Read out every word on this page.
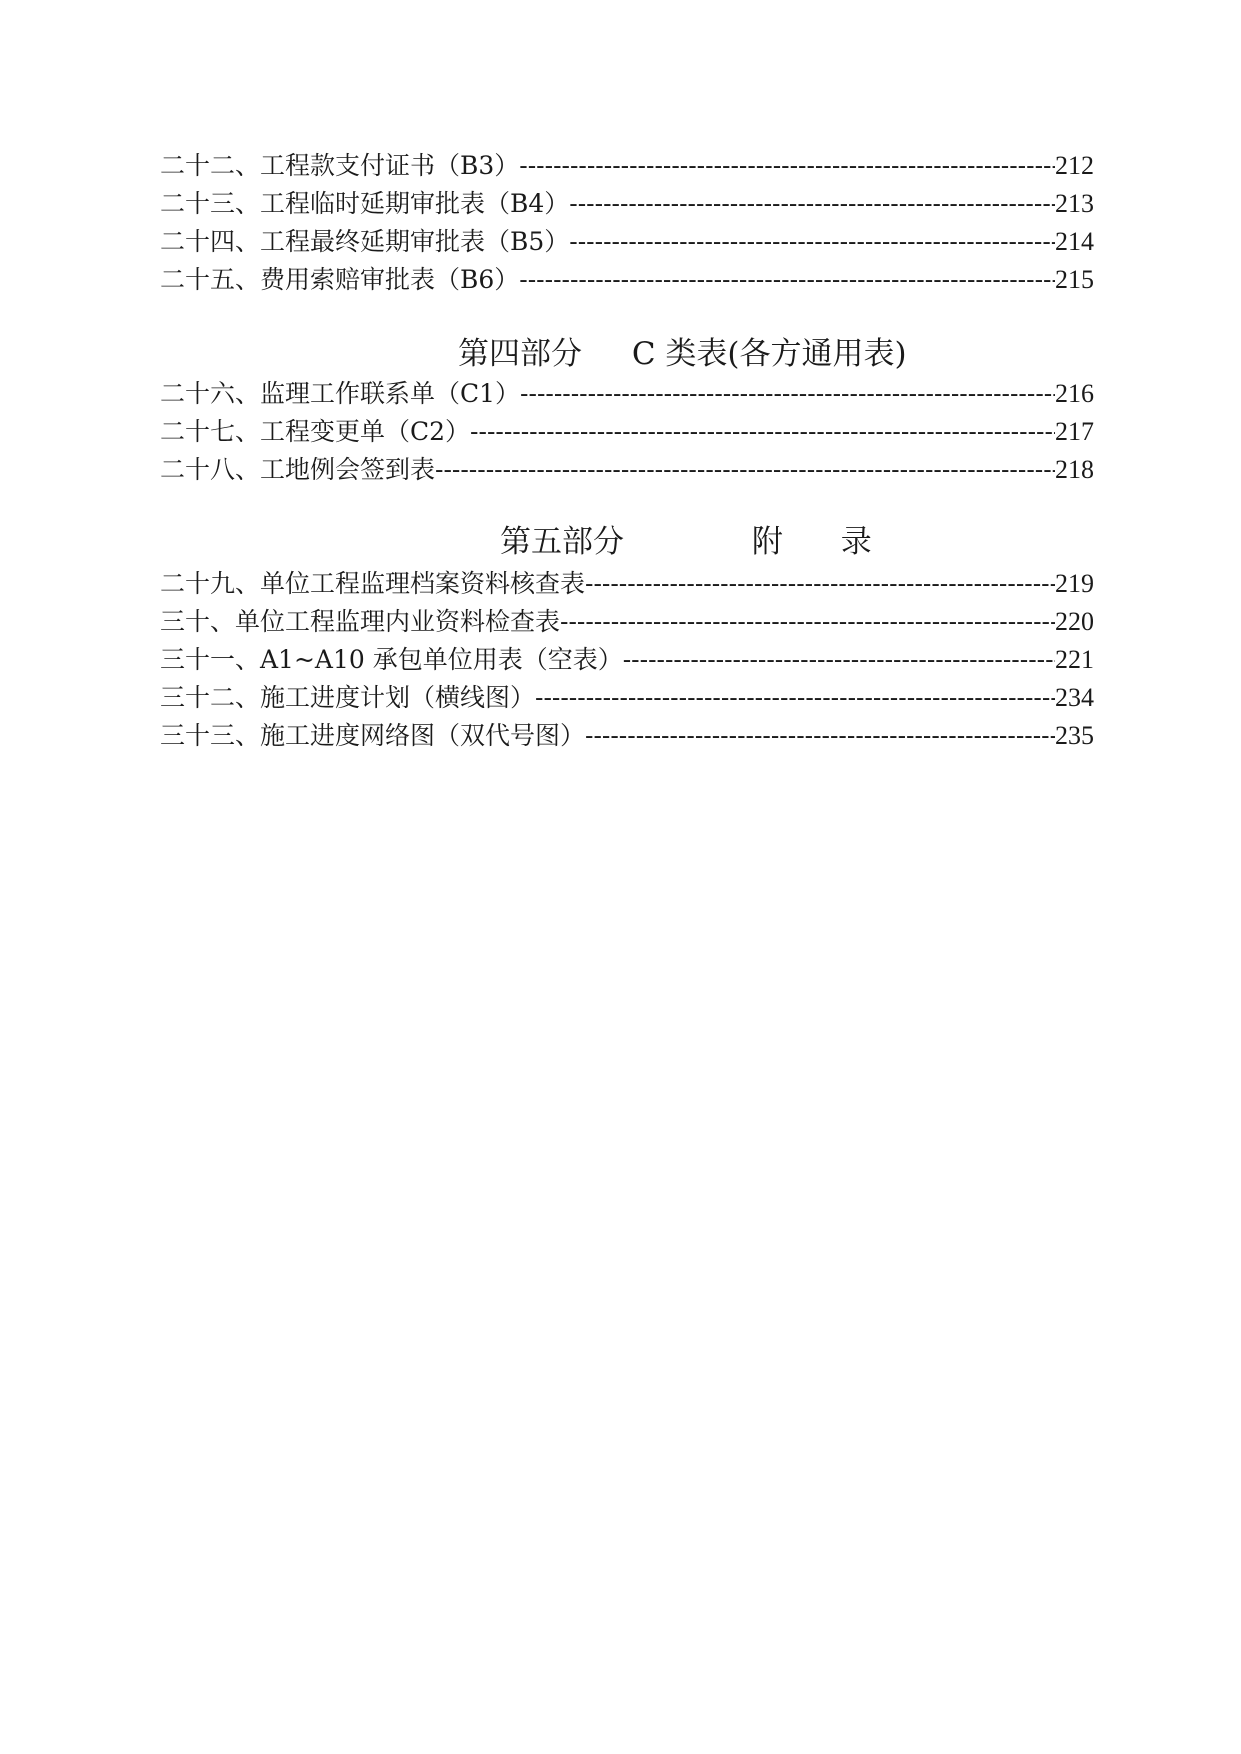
二十二、工程款支付证书（B3） -----	212
二十三、工程临时延期审批表（B4） -----	213
二十四、工程最终延期审批表（B5） -----	214
二十五、费用索赔审批表（B6） -----	215
第四部分 C 类表(各方通用表)
二十六、监理工作联系单（C1） -----	216
二十七、工程变更单（C2） -----	217
二十八、工地例会签到表 -----	218
第五部分	附 录
二十九、单位工程监理档案资料核查表 -----	219
三十、单位工程监理内业资料检查表 -----	220
三十一、A1~A10 承包单位用表（空表） -----	221
三十二、施工进度计划（横线图） -----	234
三十三、施工进度网络图（双代号图） -----	235
